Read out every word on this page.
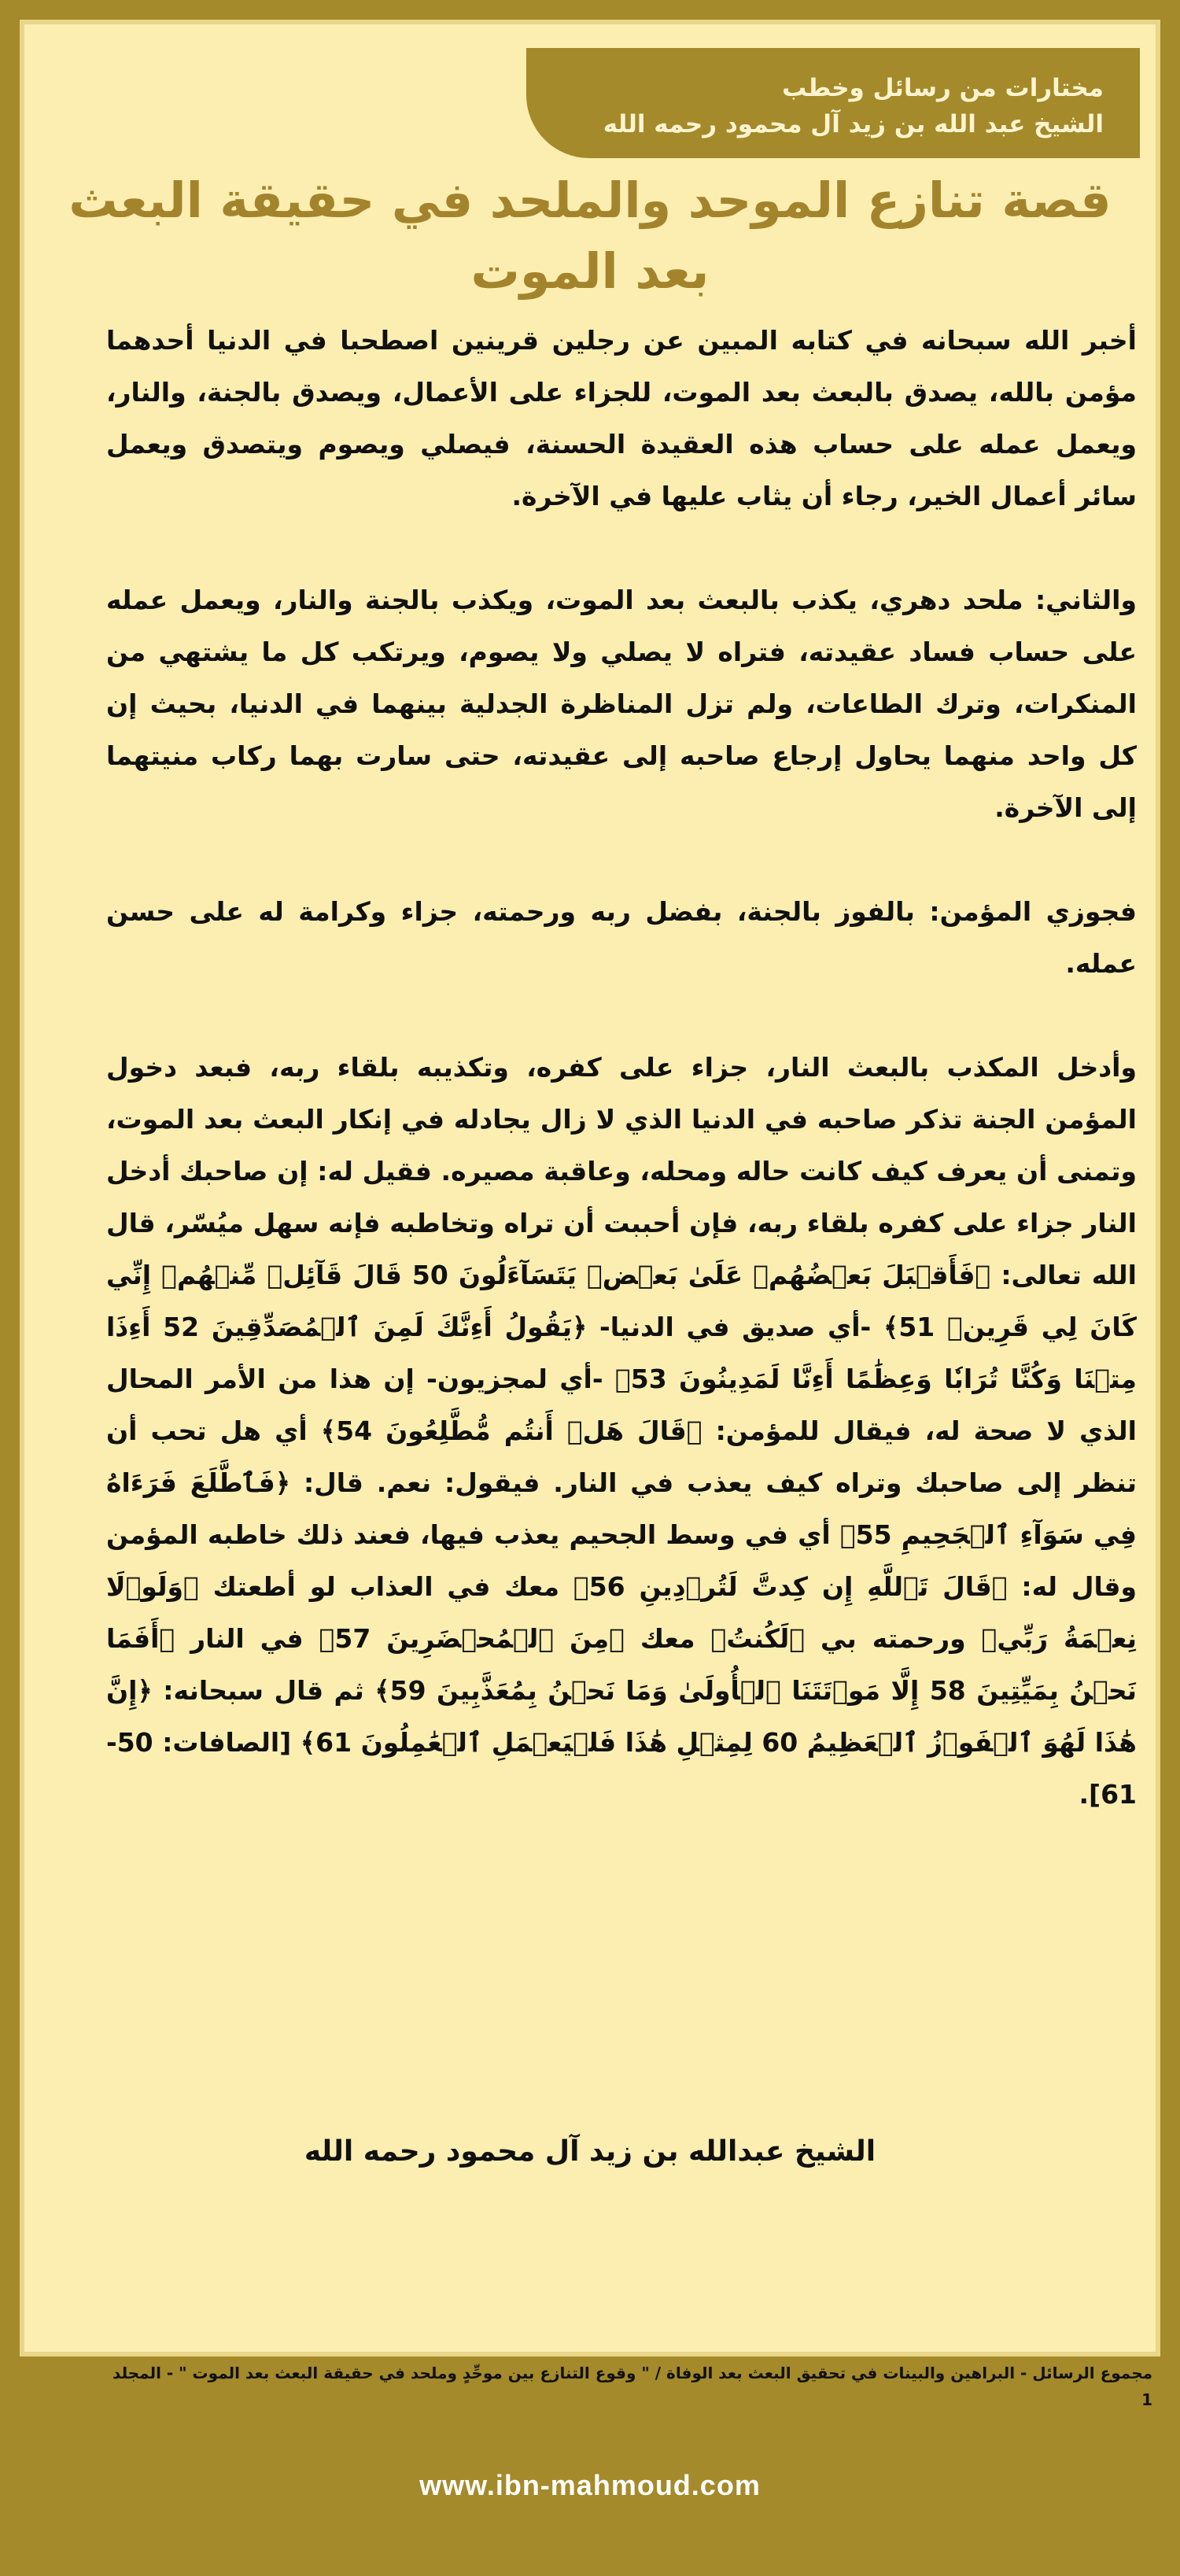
مختارات من رسائل وخطب
الشيخ عبد الله بن زيد آل محمود رحمه الله
قصة تنازع الموحد والملحد في حقيقة البعث بعد الموت

أخبر الله سبحانه في كتابه المبين عن رجلين قرينين اصطحبا في الدنيا أحدهما مؤمن بالله، يصدق بالبعث بعد الموت، للجزاء على الأعمال، ويصدق بالجنة، والنار، ويعمل عمله على حساب هذه العقيدة الحسنة، فيصلي ويصوم ويتصدق ويعمل سائر أعمال الخير، رجاء أن يثاب عليها في الآخرة.

والثاني: ملحد دهري، يكذب بالبعث بعد الموت، ويكذب بالجنة والنار، ويعمل عمله على حساب فساد عقيدته، فتراه لا يصلي ولا يصوم، ويرتكب كل ما يشتهي من المنكرات، وترك الطاعات، ولم تزل المناظرة الجدلية بينهما في الدنيا، بحيث إن كل واحد منهما يحاول إرجاع صاحبه إلى عقيدته، حتى سارت بهما ركاب منيتهما إلى الآخرة.

فجوزي المؤمن: بالفوز بالجنة، بفضل ربه ورحمته، جزاء وكرامة له على حسن عمله.

وأدخل المكذب بالبعث النار، جزاء على كفره، وتكذيبه بلقاء ربه، فبعد دخول المؤمن الجنة تذكر صاحبه في الدنيا الذي لا زال يجادله في إنكار البعث بعد الموت، وتمنى أن يعرف كيف كانت حاله ومحله، وعاقبة مصيره. فقيل له: إن صاحبك أدخل النار جزاء على كفره بلقاء ربه، فإن أحببت أن تراه وتخاطبه فإنه سهل ميُسّر، قال الله تعالى: ﴿فَأَقۡبَلَ بَعۡضُهُمۡ عَلَىٰ بَعۡضٖ يَتَسَآءَلُونَ 50 قَالَ قَآئِلٞ مِّنۡهُمۡ إِنِّي كَانَ لِي قَرِينٞ 51﴾ -أي صديق في الدنيا- ﴿يَقُولُ أَءِنَّكَ لَمِنَ ٱلۡمُصَدِّقِينَ 52 أَءِذَا مِتۡنَا وَكُنَّا تُرَابٗا وَعِظَٰمًا أَءِنَّا لَمَدِينُونَ 53﴾ -أي لمجزيون- إن هذا من الأمر المحال الذي لا صحة له، فيقال للمؤمن: ﴿قَالَ هَلۡ أَنتُم مُّطَّلِعُونَ 54﴾ أي هل تحب أن تنظر إلى صاحبك وتراه كيف يعذب في النار. فيقول: نعم. قال: ﴿فَٱطَّلَعَ فَرَءَاهُ فِي سَوَآءِ ٱلۡجَحِيمِ 55﴾ أي في وسط الجحيم يعذب فيها، فعند ذلك خاطبه المؤمن وقال له: ﴿قَالَ تَٱللَّهِ إِن كِدتَّ لَتُرۡدِينِ 56﴾ معك في العذاب لو أطعتك ﴿وَلَوۡلَا نِعۡمَةُ رَبِّي﴾ ورحمته بي ﴿لَكُنتُ﴾ معك ﴿مِنَ ٱلۡمُحۡضَرِينَ 57﴾ في النار ﴿أَفَمَا نَحۡنُ بِمَيِّتِينَ 58 إِلَّا مَوۡتَتَنَا ٱلۡأُولَىٰ وَمَا نَحۡنُ بِمُعَذَّبِينَ 59﴾ ثم قال سبحانه: ﴿إِنَّ هَٰذَا لَهُوَ ٱلۡفَوۡزُ ٱلۡعَظِيمُ 60 لِمِثۡلِ هَٰذَا فَلۡيَعۡمَلِ ٱلۡعَٰمِلُونَ 61﴾ [الصافات: 50-61].

الشيخ عبدالله بن زيد آل محمود رحمه الله
مجموع الرسائل - البراهين والبينات في تحقيق البعث بعد الوفاة / " وقوع التنازع بين موحِّدٍ وملحد في حقيقة البعث بعد الموت " - المجلد 1
www.ibn-mahmoud.com
